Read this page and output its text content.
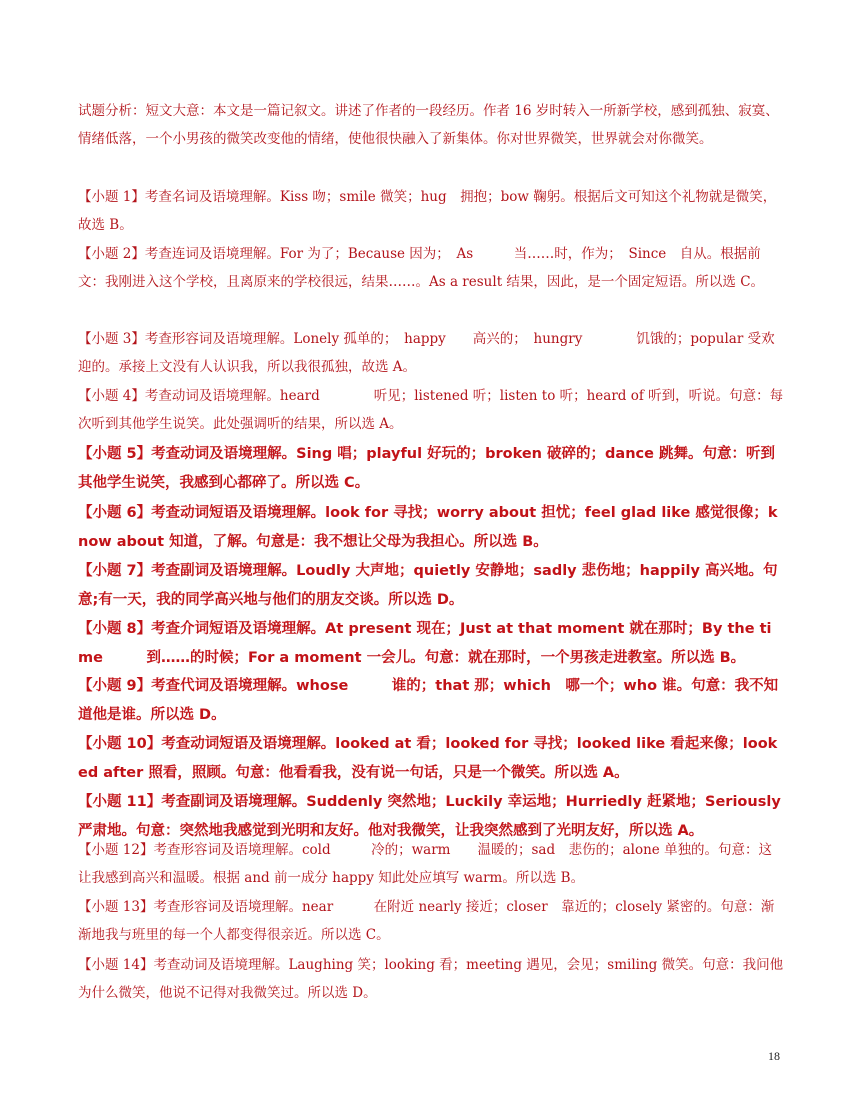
试题分析：短文大意：本文是一篇记叙文。讲述了作者的一段经历。作者 16 岁时转入一所新学校，感到孤独、寂寞、情绪低落，一个小男孩的微笑改变他的情绪，使他很快融入了新集体。你对世界微笑，世界就会对你微笑。

【小题 1】考查名词及语境理解。Kiss 吻；smile 微笑；hug　拥抱；bow 鞠躬。根据后文可知这个礼物就是微笑，故选 B。

【小题 2】考查连词及语境理解。For 为了；Because 因为；　As　　　当……时，作为；　Since　自从。根据前文：我刚进入这个学校，且离原来的学校很远，结果……。As a result 结果，因此，是一个固定短语。所以选 C。

【小题 3】考查形容词及语境理解。Lonely 孤单的；　happy　　高兴的；　hungry　　　　饥饿的；popular 受欢迎的。承接上文没有人认识我，所以我很孤独，故选 A。

【小题 4】考查动词及语境理解。heard　　　　听见；listened 听；listen to 听；heard of 听到，听说。句意：每次听到其他学生说笑。此处强调听的结果，所以选 A。

【小题 5】考查动词及语境理解。Sing 唱；playful 好玩的；broken 破碎的；dance 跳舞。句意：听到其他学生说笑，我感到心都碎了。所以选 C。

【小题 6】考查动词短语及语境理解。look for 寻找；worry about 担忧；feel glad like 感觉很像；know about 知道，了解。句意是：我不想让父母为我担心。所以选 B。

【小题 7】考查副词及语境理解。Loudly 大声地；quietly 安静地；sadly 悲伤地；happily 高兴地。句意;有一天，我的同学高兴地与他们的朋友交谈。所以选 D。

【小题 8】考查介词短语及语境理解。At present 现在；Just at that moment 就在那时；By the time　　　到……的时候；For a moment 一会儿。句意：就在那时，一个男孩走进教室。所以选 B。

【小题 9】考查代词及语境理解。whose　　　谁的；that 那；which　哪一个；who 谁。句意：我不知道他是谁。所以选 D。

【小题 10】考查动词短语及语境理解。looked at 看；looked for 寻找；looked like 看起来像；looked after 照看，照顾。句意：他看看我，没有说一句话，只是一个微笑。所以选 A。

【小题 11】考查副词及语境理解。Suddenly 突然地；Luckily 幸运地；Hurriedly 赶紧地；Seriously 严肃地。句意：突然地我感觉到光明和友好。他对我微笑，让我突然感到了光明友好，所以选 A。

【小题 12】考查形容词及语境理解。cold　　　冷的；warm　　温暖的；sad　悲伤的；alone 单独的。句意：这让我感到高兴和温暖。根据 and 前一成分 happy 知此处应填写 warm。所以选 B。

【小题 13】考查形容词及语境理解。near　　　在附近 nearly 接近；closer　靠近的；closely 紧密的。句意：渐渐地我与班里的每一个人都变得很亲近。所以选 C。

【小题 14】考查动词及语境理解。Laughing 笑；looking 看；meeting 遇见，会见；smiling 微笑。句意：我问他为什么微笑，他说不记得对我微笑过。所以选 D。

18
